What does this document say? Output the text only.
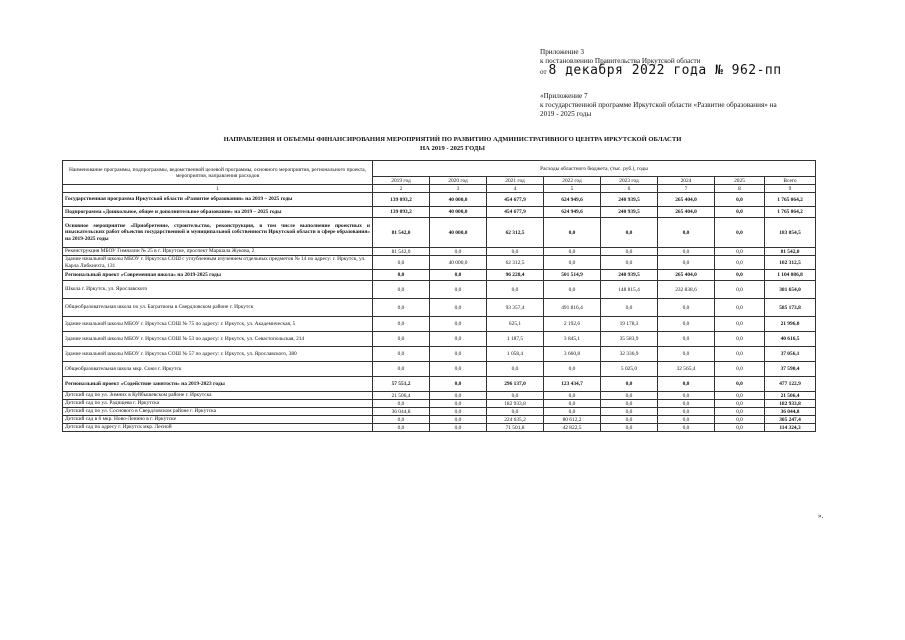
Приложение 3
к постановлению Правительства Иркутской области
от 8 декабря 2022 года № 962-пп
«Приложение 7
к государственной программе Иркутской области «Развитие образования» на
2019 - 2025 годы
НАПРАВЛЕНИЯ И ОБЪЕМЫ ФИНАНСИРОВАНИЯ МЕРОПРИЯТИЙ ПО РАЗВИТИЮ АДМИНИСТРАТИВНОГО ЦЕНТРА ИРКУТСКОЙ ОБЛАСТИ
НА 2019 - 2025 ГОДЫ
Наименование программы, подпрограммы, ведомственной целевой программы, основного мероприятия, регионального проекта, мероприятия, направления расходов	Расходы областного бюджета, (тыс. руб.), годы							
	2019 год	2020 год	2021 год	2022 год	2023 год	2024	2025	Всего
1	2	3	4	5	6	7	8	9
Государственная программа Иркутской области «Развитие образования» на 2019 – 2025 годы	139 093,2	40 000,0	454 677,9	624 949,6	240 939,5	265 404,0	0,0	1 765 064,2
Подпрограмма «Дошкольное, общее и дополнительное образование» на 2019 – 2025 годы	139 093,2	40 000,0	454 677,9	624 949,6	240 939,5	265 404,0	0,0	1 765 064,2
Основное мероприятие «Приобретение, строительство, реконструкция, в том числе выполнение проектных и изыскательских работ объектов государственной и муниципальной собственности Иркутской области в сфере образования» на 2019-2025 годы	81 542,0	40 000,0	62 312,5	0,0	0,0	0,0	0,0	183 854,5
Реконструкция МБОУ Гимназии № 25 в г. Иркутске, проспект Маршала Жукова, 2	81 542,0	0,0	0,0	0,0	0,0	0,0	0,0	81 542,0
Здание начальной школы МБОУ г. Иркутска СОШ с углубленным изучением отдельных предметов № 14 по адресу: г. Иркутск, ул. Карла Либкнехта, 131	0,0	40 000,0	62 312,5	0,0	0,0	0,0	0,0	102 312,5
Региональный проект «Современная школа» на 2019-2025 годы	0,0	0,0	96 228,4	501 514,9	240 939,5	265 404,0	0,0	1 104 086,8
Школа г. Иркутск, ул. Ярославского	0,0	0,0	0,0	0,0	148 815,4	232 838,6	0,0	381 654,0
Общеобразовательная школа по ул. Багратиона в Свердловском районе г. Иркутск	0,0	0,0	93 357,4	491 816,4	0,0	0,0	0,0	585 173,8
Здание начальной школы МБОУ г. Иркутска СОШ № 75 по адресу: г. Иркутск, ул. Академическая, 5	0,0	0,0	625,1	2 192,6	19 178,3	0,0	0,0	21 996,0
Здание начальной школы МБОУ г. Иркутска СОШ № 53 по адресу: г. Иркутск, ул. Севастопольская, 214	0,0	0,0	1 187,5	3 845,1	35 583,9	0,0	0,0	40 616,5
Здание начальной школы МБОУ г. Иркутска СОШ № 57 по адресу: г. Иркутск, ул. Ярославского, 380	0,0	0,0	1 058,4	3 660,8	32 336,9	0,0	0,0	37 056,1
Общеобразовательная школа мкр. Союз г. Иркутск	0,0	0,0	0,0	0,0	5 025,0	32 565,4	0,0	37 590,4
Региональный проект «Содействие занятости» на 2019-2023 годы	57 551,2	0,0	296 137,0	123 434,7	0,0	0,0	0,0	477 122,9
Детский сад по ул. Зимних в Куйбышевском районе г. Иркутска	21 506,4	0,0	0,0	0,0	0,0	0,0	0,0	21 506,4
Детский сад по ул. Радищева г. Иркутска	0,0	0,0	182 933,8	0,0	0,0	0,0	0,0	182 933,8
Детский сад по ул. Соснового в Свердловском районе г. Иркутска	36 044,8	0,0	0,0	0,0	0,0	0,0	0,0	36 044,8
Детский сад в 6 мкр. Ново-Ленино в г. Иркутске	0,0	0,0	224 635,2	80 612,2	0,0	0,0	0,0	305 247,4
Детский сад по адресу г. Иркутск мкр. Лесной	0,0	0,0	71 501,8	42 822,5	0,0	0,0	0,0	114 324,3
».
